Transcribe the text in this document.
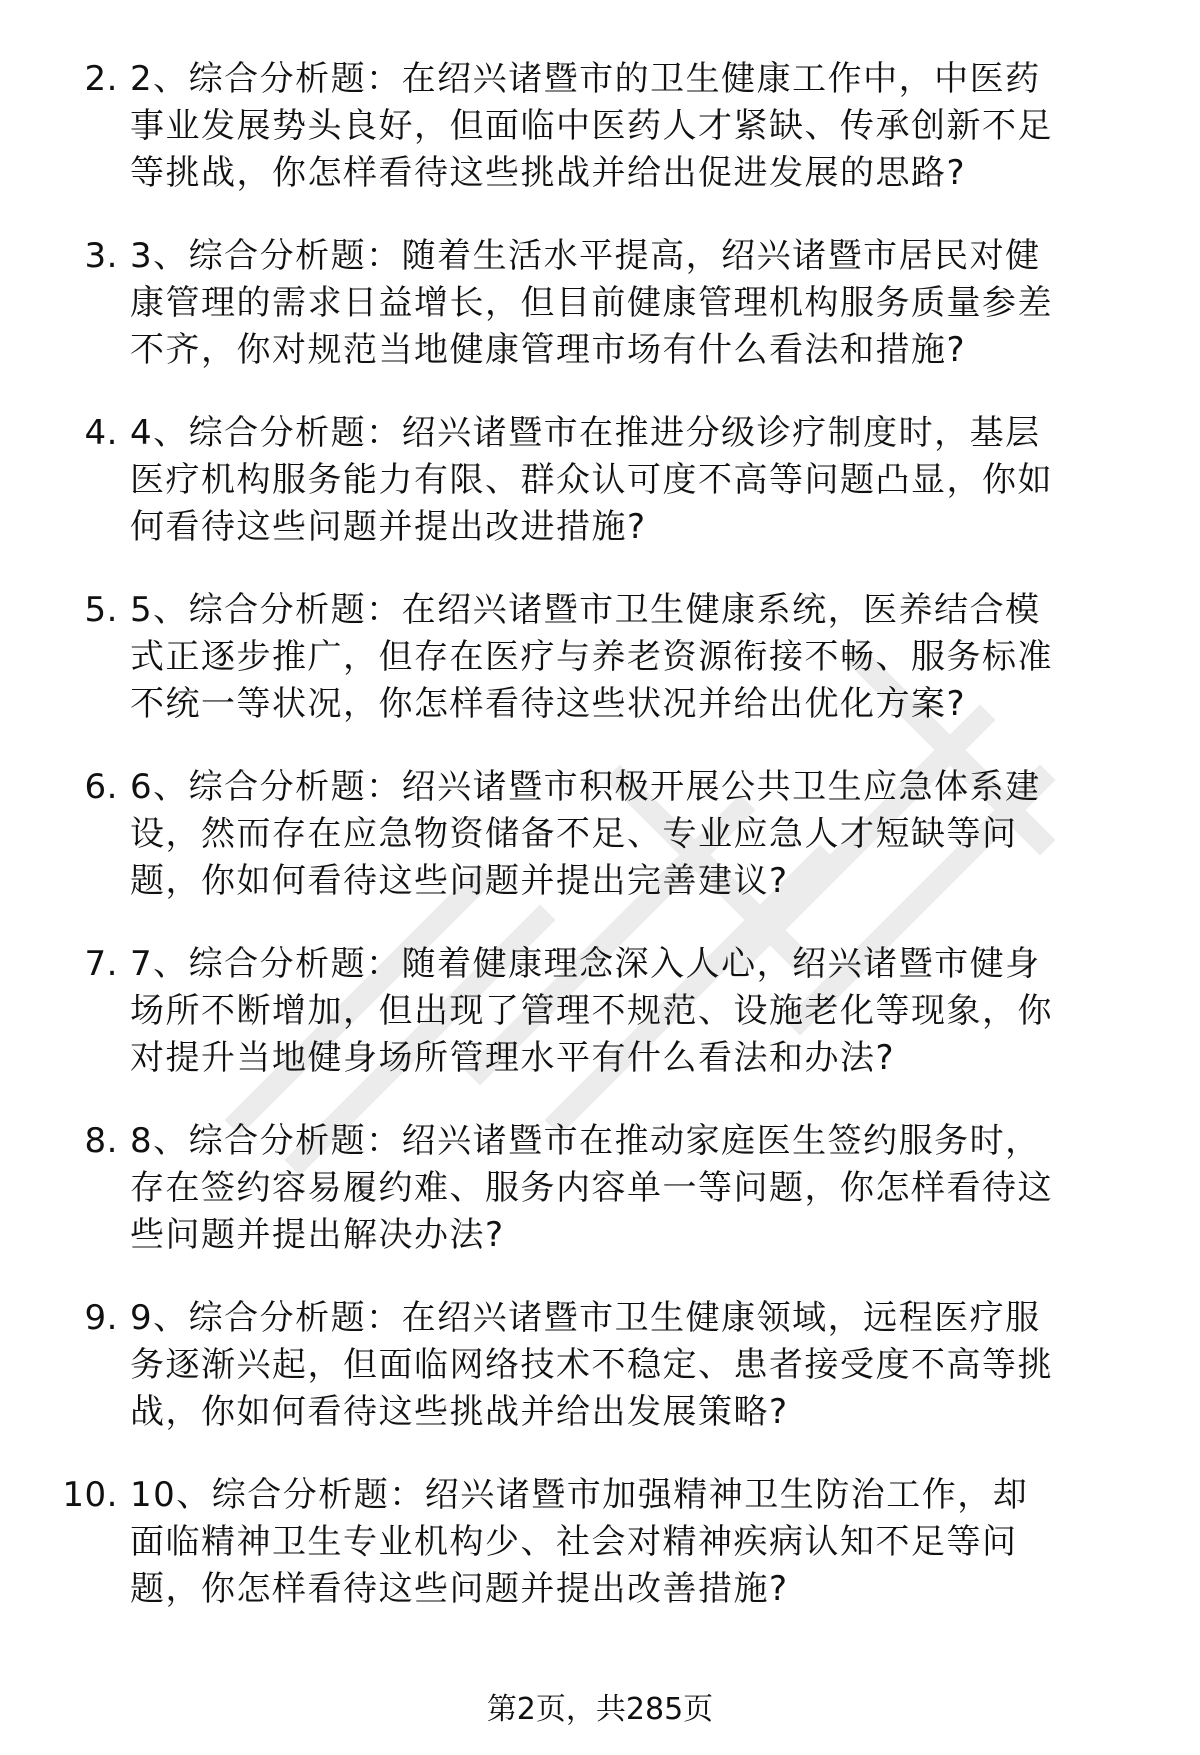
2. 2、综合分析题：在绍兴诸暨市的卫生健康工作中，中医药事业发展势头良好，但面临中医药人才紧缺、传承创新不足等挑战，你怎样看待这些挑战并给出促进发展的思路?
3. 3、综合分析题：随着生活水平提高，绍兴诸暨市居民对健康管理的需求日益增长，但目前健康管理机构服务质量参差不齐，你对规范当地健康管理市场有什么看法和措施?
4. 4、综合分析题：绍兴诸暨市在推进分级诊疗制度时，基层医疗机构服务能力有限、群众认可度不高等问题凸显，你如何看待这些问题并提出改进措施?
5. 5、综合分析题：在绍兴诸暨市卫生健康系统，医养结合模式正逐步推广，但存在医疗与养老资源衔接不畅、服务标准不统一等状况，你怎样看待这些状况并给出优化方案?
6. 6、综合分析题：绍兴诸暨市积极开展公共卫生应急体系建设，然而存在应急物资储备不足、专业应急人才短缺等问题，你如何看待这些问题并提出完善建议?
7. 7、综合分析题：随着健康理念深入人心，绍兴诸暨市健身场所不断增加，但出现了管理不规范、设施老化等现象，你对提升当地健身场所管理水平有什么看法和办法?
8. 8、综合分析题：绍兴诸暨市在推动家庭医生签约服务时，存在签约容易履约难、服务内容单一等问题，你怎样看待这些问题并提出解决办法?
9. 9、综合分析题：在绍兴诸暨市卫生健康领域，远程医疗服务逐渐兴起，但面临网络技术不稳定、患者接受度不高等挑战，你如何看待这些挑战并给出发展策略?
10. 10、综合分析题：绍兴诸暨市加强精神卫生防治工作，却面临精神卫生专业机构少、社会对精神疾病认知不足等问题，你怎样看待这些问题并提出改善措施?
第2页，共285页
